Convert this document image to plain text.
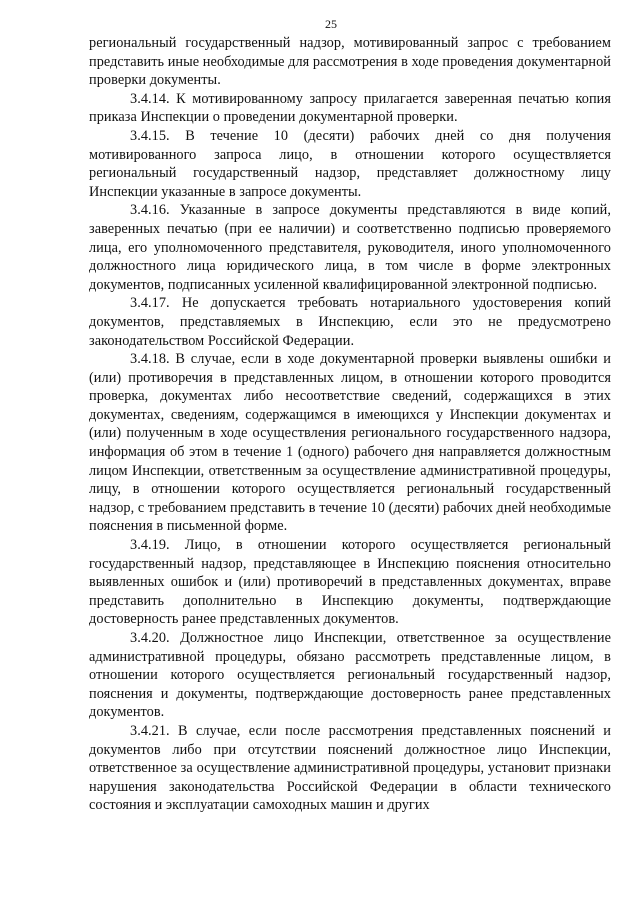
25

региональный государственный надзор, мотивированный запрос с требованием представить иные необходимые для рассмотрения в ходе проведения документарной проверки документы.

3.4.14. К мотивированному запросу прилагается заверенная печатью копия приказа Инспекции о проведении документарной проверки.

3.4.15. В течение 10 (десяти) рабочих дней со дня получения мотивированного запроса лицо, в отношении которого осуществляется региональный государственный надзор, представляет должностному лицу Инспекции указанные в запросе документы.

3.4.16. Указанные в запросе документы представляются в виде копий, заверенных печатью (при ее наличии) и соответственно подписью проверяемого лица, его уполномоченного представителя, руководителя, иного уполномоченного должностного лица юридического лица, в том числе в форме электронных документов, подписанных усиленной квалифицированной электронной подписью.

3.4.17. Не допускается требовать нотариального удостоверения копий документов, представляемых в Инспекцию, если это не предусмотрено законодательством Российской Федерации.

3.4.18. В случае, если в ходе документарной проверки выявлены ошибки и (или) противоречия в представленных лицом, в отношении которого проводится проверка, документах либо несоответствие сведений, содержащихся в этих документах, сведениям, содержащимся в имеющихся у Инспекции документах и (или) полученным в ходе осуществления регионального государственного надзора, информация об этом в течение 1 (одного) рабочего дня направляется должностным лицом Инспекции, ответственным за осуществление административной процедуры, лицу, в отношении которого осуществляется региональный государственный надзор, с требованием представить в течение 10 (десяти) рабочих дней необходимые пояснения в письменной форме.

3.4.19. Лицо, в отношении которого осуществляется региональный государственный надзор, представляющее в Инспекцию пояснения относительно выявленных ошибок и (или) противоречий в представленных документах, вправе представить дополнительно в Инспекцию документы, подтверждающие достоверность ранее представленных документов.

3.4.20. Должностное лицо Инспекции, ответственное за осуществление административной процедуры, обязано рассмотреть представленные лицом, в отношении которого осуществляется региональный государственный надзор, пояснения и документы, подтверждающие достоверность ранее представленных документов.

3.4.21. В случае, если после рассмотрения представленных пояснений и документов либо при отсутствии пояснений должностное лицо Инспекции, ответственное за осуществление административной процедуры, установит признаки нарушения законодательства Российской Федерации в области технического состояния и эксплуатации самоходных машин и других
